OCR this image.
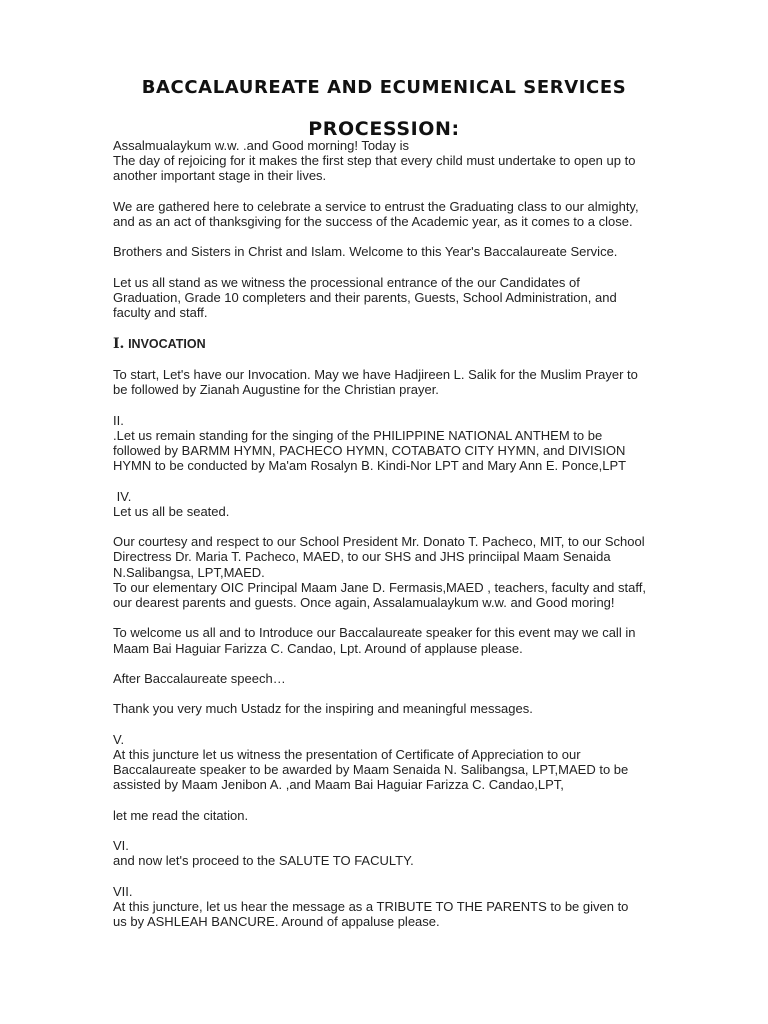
BACCALAUREATE AND ECUMENICAL SERVICES
PROCESSION:

Assalmualaykum w.w. .and Good morning! Today is
The day of rejoicing for it makes the first step that every child must undertake to open up to
another important stage in their lives.

We are gathered here to celebrate a service to entrust the Graduating class to our almighty,
and as an act of thanksgiving for the success of the Academic year, as it comes to a close.

Brothers and Sisters in Christ and Islam. Welcome to this Year's Baccalaureate Service.

Let us all stand as we witness the processional entrance of the our Candidates of
Graduation, Grade 10 completers and their parents, Guests, School Administration, and
faculty and staff.

I. INVOCATION

To start, Let's have our Invocation. May we have Hadjireen L. Salik for the Muslim Prayer to
be followed by Zianah Augustine for the Christian prayer.

II.
.Let us remain standing for the singing of the PHILIPPINE NATIONAL ANTHEM to be
followed by BARMM HYMN, PACHECO HYMN, COTABATO CITY HYMN, and DIVISION
HYMN to be conducted by Ma'am Rosalyn B. Kindi-Nor LPT and Mary Ann E. Ponce,LPT

IV.
Let us all be seated.

Our courtesy and respect to our School President Mr. Donato T. Pacheco, MIT, to our School
Directress Dr. Maria T. Pacheco, MAED, to our SHS and JHS princiipal Maam Senaida
N.Salibangsa, LPT,MAED.
To our elementary OIC Principal Maam Jane D. Fermasis,MAED , teachers, faculty and staff,
our dearest parents and guests. Once again, Assalamualaykum w.w. and Good moring!

To welcome us all and to Introduce our Baccalaureate speaker for this event may we call in
Maam Bai Haguiar Farizza C. Candao, Lpt. Around of applause please.

After Baccalaureate speech…

Thank you very much Ustadz for the inspiring and meaningful messages.

V.
At this juncture let us witness the presentation of Certificate of Appreciation to our
Baccalaureate speaker to be awarded by Maam Senaida N. Salibangsa, LPT,MAED to be
assisted by Maam Jenibon A. ,and Maam Bai Haguiar Farizza C. Candao,LPT,

let me read the citation.

VI.
and now let's proceed to the SALUTE TO FACULTY.

VII.
At this juncture, let us hear the message as a TRIBUTE TO THE PARENTS to be given to
us by ASHLEAH BANCURE. Around of appaluse please.
